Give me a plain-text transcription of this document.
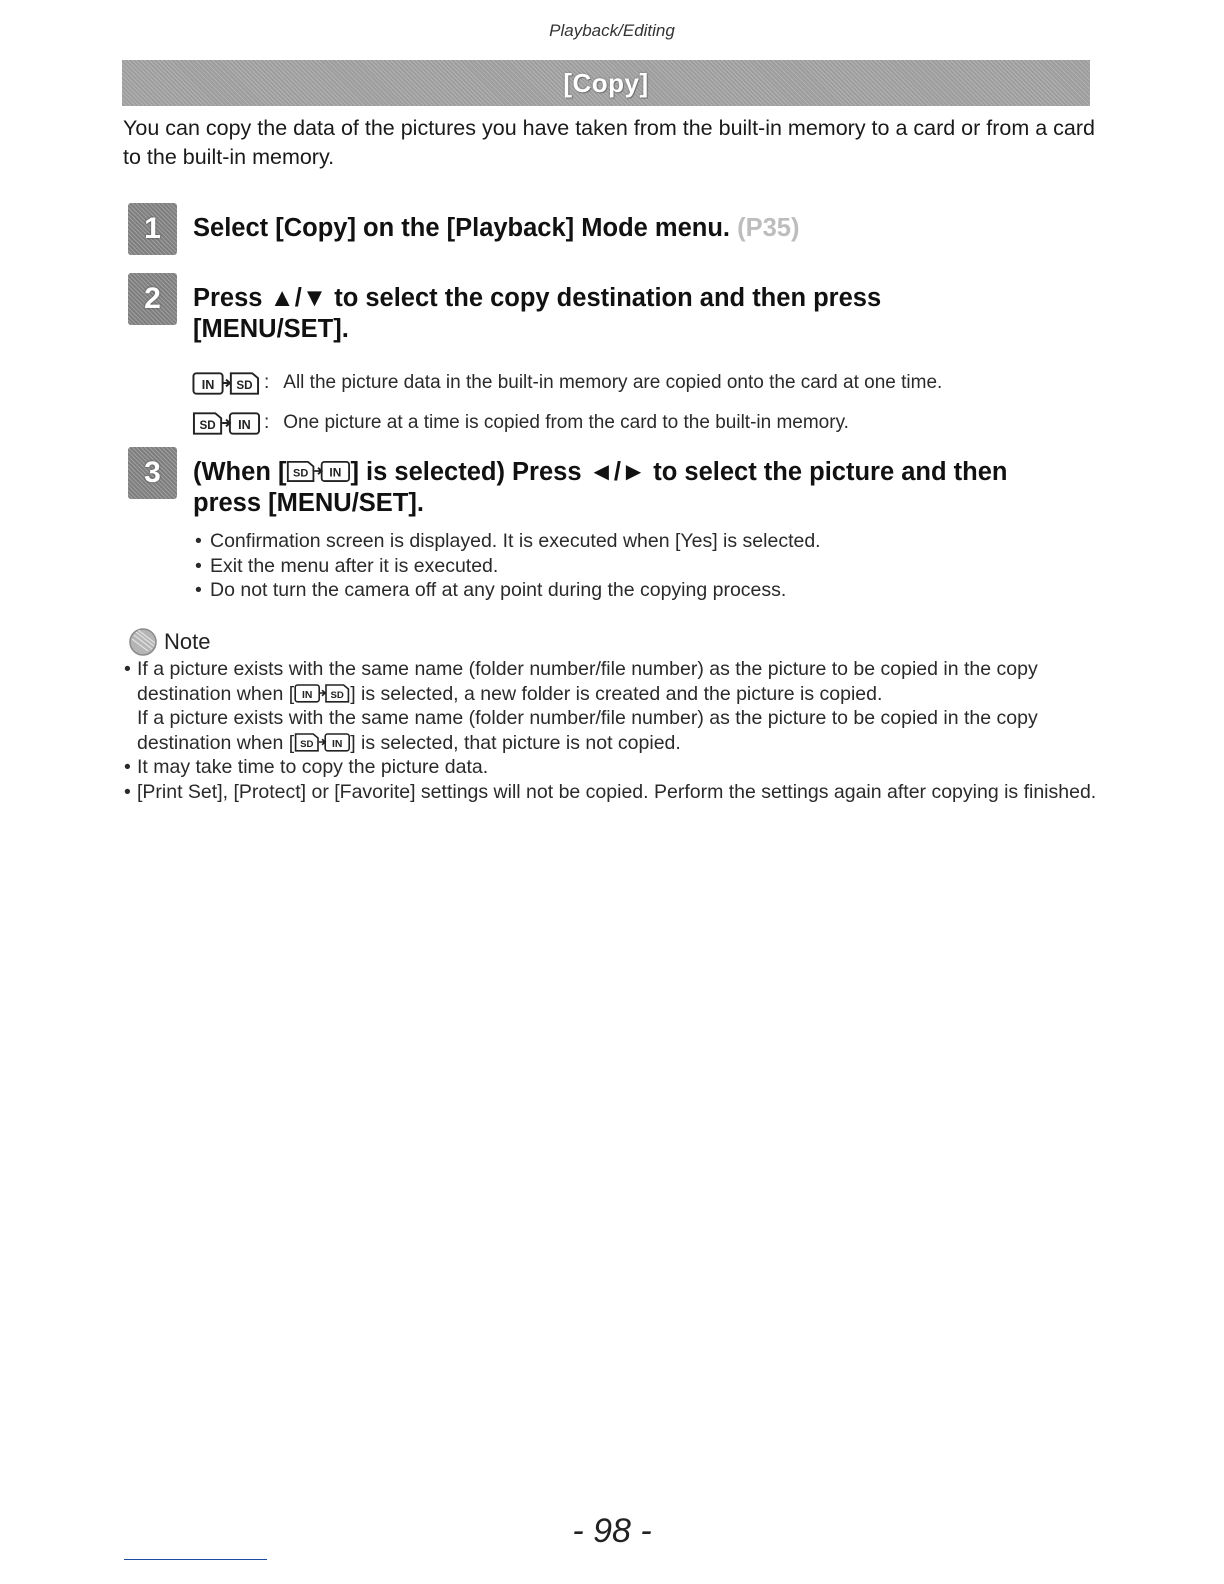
Playback/Editing

[Copy]

You can copy the data of the pictures you have taken from the built-in memory to a card or from a card to the built-in memory.

1 Select [Copy] on the [Playback] Mode menu. (P35)
2 Press ▲/▼ to select the copy destination and then press
[MENU/SET].
: All the picture data in the built-in memory are copied onto the card at one time.
: One picture at a time is copied from the card to the built-in memory.
3 (When [	] is selected) Press ◄/► to select the picture and then
press [MENU/SET].
• Confirmation screen is displayed. It is executed when [Yes] is selected.
• Exit the menu after it is executed.
• Do not turn the camera off at any point during the copying process.
Note
• If a picture exists with the same name (folder number/file number) as the picture to be copied in the copy destination when [	] is selected, a new folder is created and the picture is copied.
If a picture exists with the same name (folder number/file number) as the picture to be copied in the copy destination when [	] is selected, that picture is not copied.
• It may take time to copy the picture data.
• [Print Set], [Protect] or [Favorite] settings will not be copied. Perform the settings again after copying is finished.

- 98 -
